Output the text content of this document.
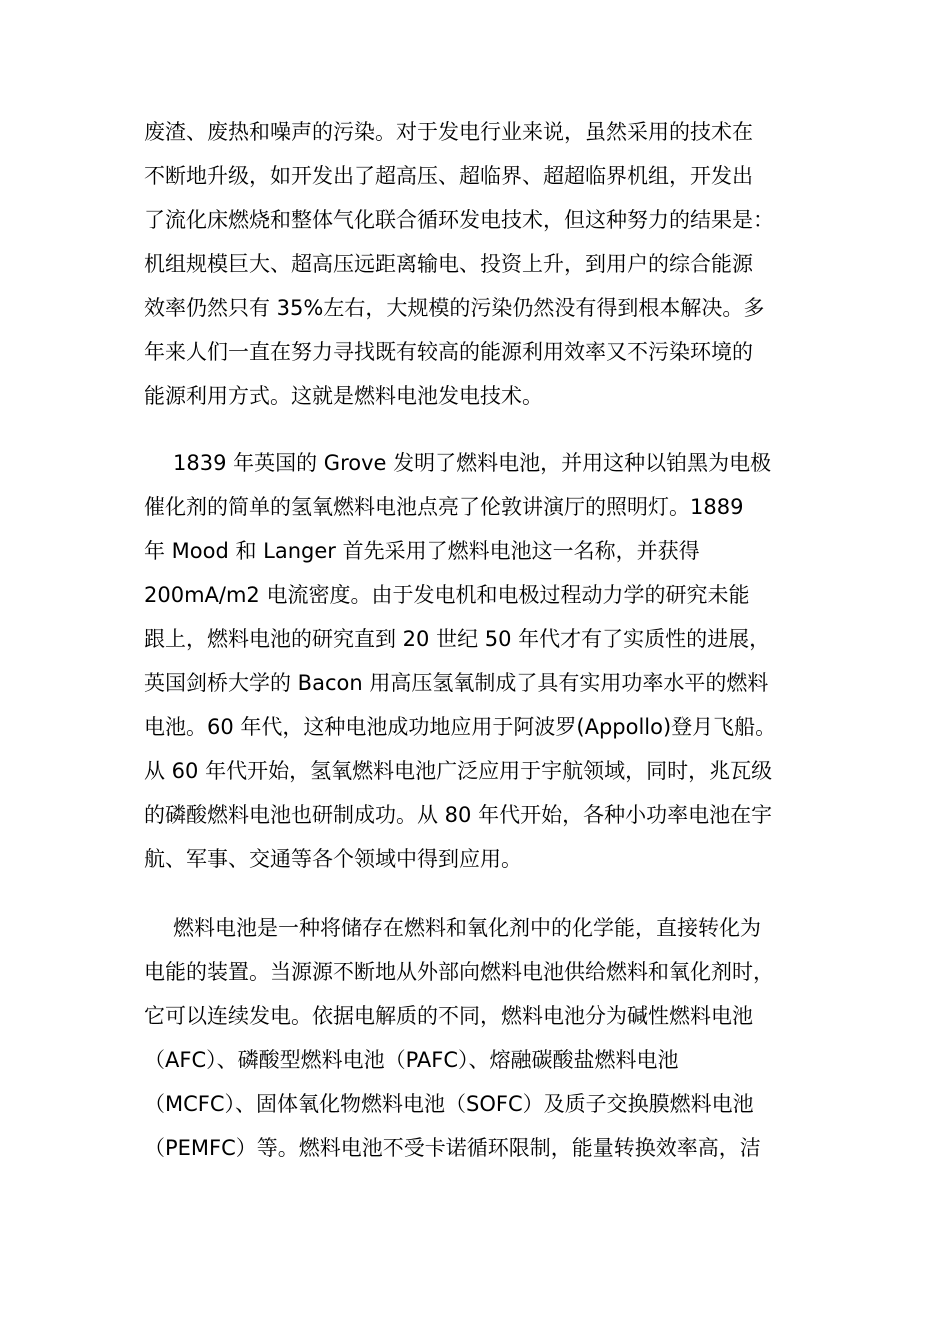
废渣、废热和噪声的污染。对于发电行业来说，虽然采用的技术在
不断地升级，如开发出了超高压、超临界、超超临界机组，开发出
了流化床燃烧和整体气化联合循环发电技术，但这种努力的结果是：
机组规模巨大、超高压远距离输电、投资上升，到用户的综合能源
效率仍然只有 35%左右，大规模的污染仍然没有得到根本解决。多
年来人们一直在努力寻找既有较高的能源利用效率又不污染环境的
能源利用方式。这就是燃料电池发电技术。
1839 年英国的 Grove 发明了燃料电池，并用这种以铂黑为电极
催化剂的简单的氢氧燃料电池点亮了伦敦讲演厅的照明灯。1889
年 Mood 和 Langer 首先采用了燃料电池这一名称，并获得
200mA/m2 电流密度。由于发电机和电极过程动力学的研究未能
跟上，燃料电池的研究直到 20 世纪 50 年代才有了实质性的进展，
英国剑桥大学的 Bacon 用高压氢氧制成了具有实用功率水平的燃料
电池。60 年代，这种电池成功地应用于阿波罗(Appollo)登月飞船。
从 60 年代开始，氢氧燃料电池广泛应用于宇航领域，同时，兆瓦级
的磷酸燃料电池也研制成功。从 80 年代开始，各种小功率电池在宇
航、军事、交通等各个领域中得到应用。
燃料电池是一种将储存在燃料和氧化剂中的化学能，直接转化为
电能的装置。当源源不断地从外部向燃料电池供给燃料和氧化剂时，
它可以连续发电。依据电解质的不同，燃料电池分为碱性燃料电池
（AFC）、磷酸型燃料电池（PAFC）、熔融碳酸盐燃料电池
（MCFC）、固体氧化物燃料电池（SOFC）及质子交换膜燃料电池
（PEMFC）等。燃料电池不受卡诺循环限制，能量转换效率高，洁
